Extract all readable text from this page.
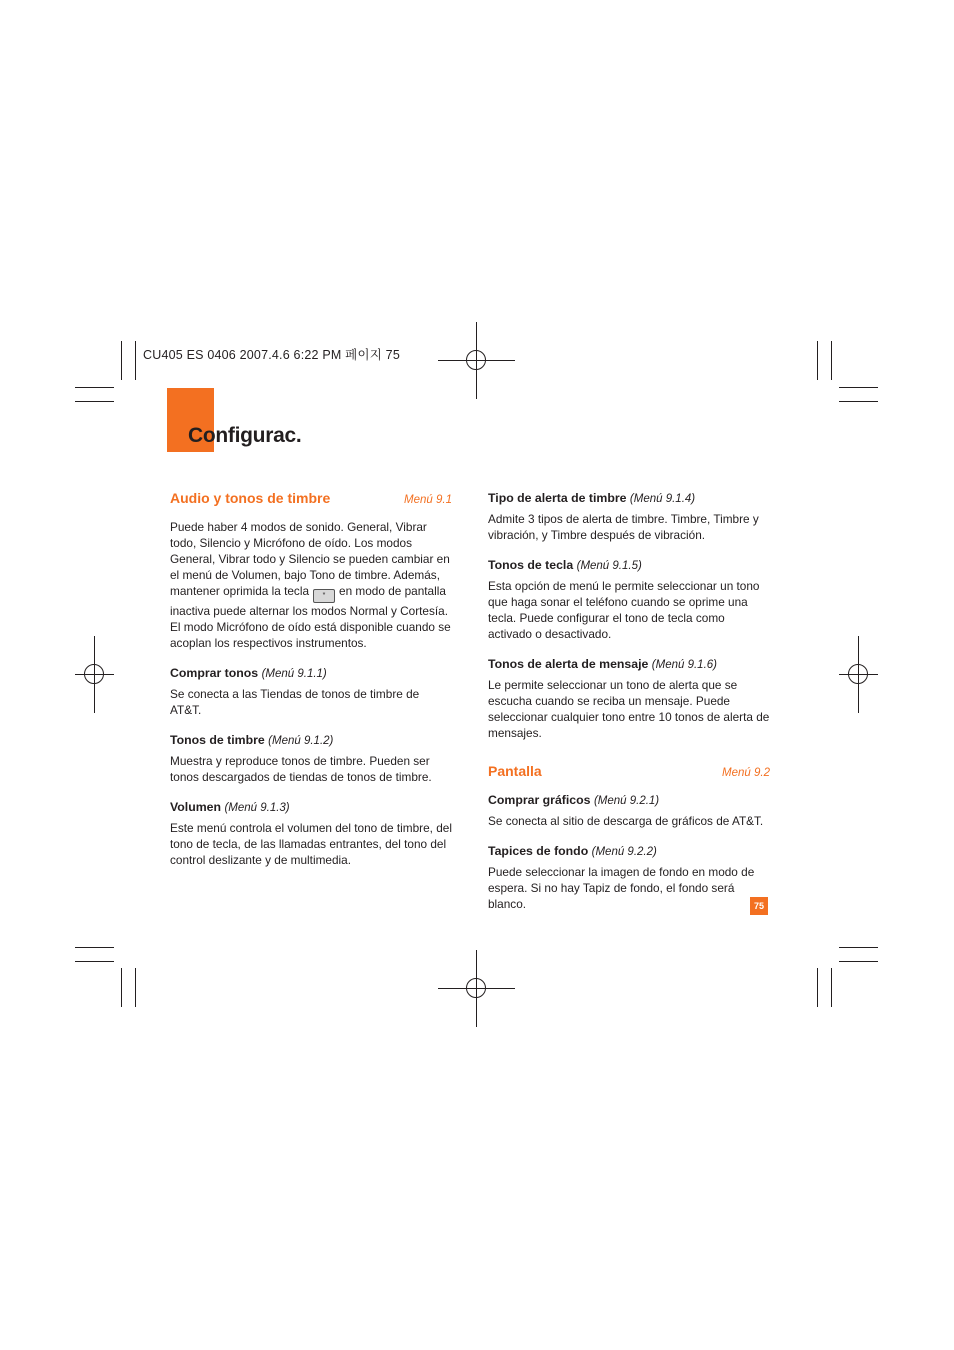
CU405 ES 0406 2007.4.6 6:22 PM 페이지 75
Configurac.
Audio y tonos de timbre	Menú 9.1

Puede haber 4 modos de sonido. General, Vibrar todo, Silencio y Micrófono de oído. Los modos General, Vibrar todo y Silencio se pueden cambiar en el menú de Volumen, bajo Tono de timbre. Además, mantener oprimida la tecla * en modo de pantalla inactiva puede alternar los modos Normal y Cortesía. El modo Micrófono de oído está disponible cuando se acoplan los respectivos instrumentos.

Comprar tonos (Menú 9.1.1)

Se conecta a las Tiendas de tonos de timbre de AT&T.

Tonos de timbre (Menú 9.1.2)

Muestra y reproduce tonos de timbre. Pueden ser tonos descargados de tiendas de tonos de timbre.

Volumen (Menú 9.1.3)

Este menú controla el volumen del tono de timbre, del tono de tecla, de las llamadas entrantes, del tono del control deslizante y de multimedia.

Tipo de alerta de timbre (Menú 9.1.4)

Admite 3 tipos de alerta de timbre. Timbre, Timbre y vibración, y Timbre después de vibración.

Tonos de tecla (Menú 9.1.5)

Esta opción de menú le permite seleccionar un tono que haga sonar el teléfono cuando se oprime una tecla. Puede configurar el tono de tecla como activado o desactivado.

Tonos de alerta de mensaje (Menú 9.1.6)

Le permite seleccionar un tono de alerta que se escucha cuando se reciba un mensaje. Puede seleccionar cualquier tono entre 10 tonos de alerta de mensajes.

Pantalla	Menú 9.2
Comprar gráficos (Menú 9.2.1)

Se conecta al sitio de descarga de gráficos de AT&T.

Tapices de fondo (Menú 9.2.2)

Puede seleccionar la imagen de fondo en modo de espera. Si no hay Tapiz de fondo, el fondo será blanco.	75
